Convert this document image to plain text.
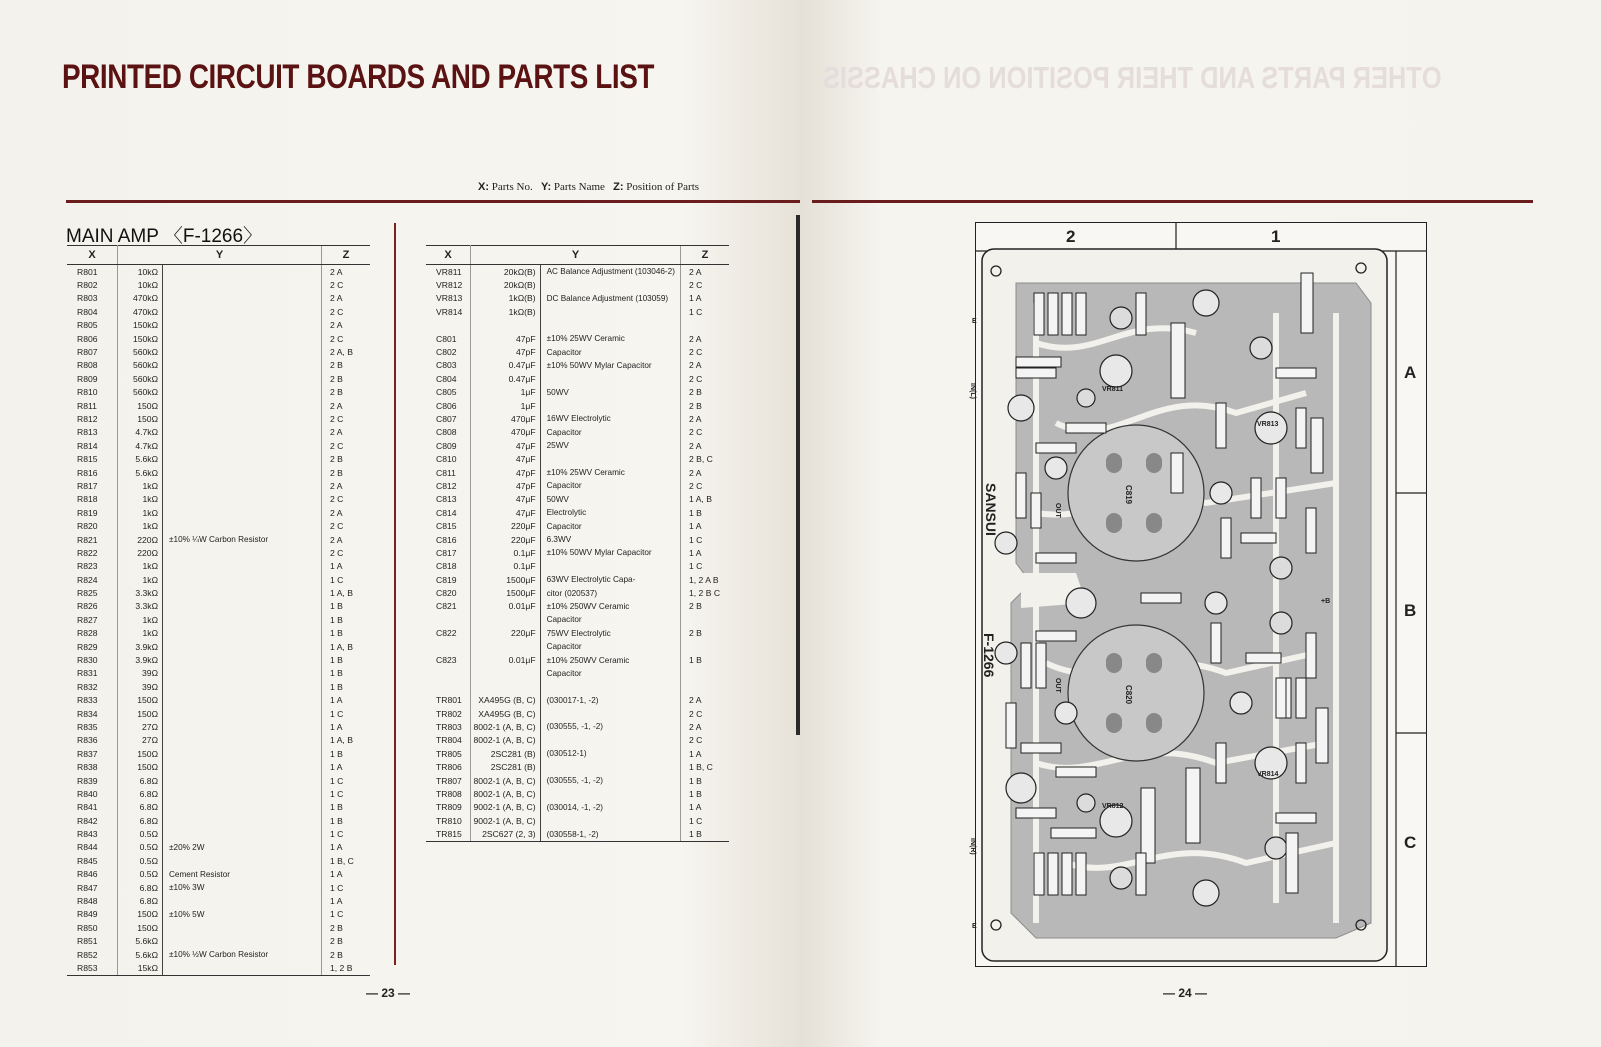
PRINTED CIRCUIT BOARDS AND PARTS LIST
X: Parts No. Y: Parts Name Z: Position of Parts
MAIN AMP 〈F-1266〉
X	Y		Z
R801	10kΩ		2 A
R802	10kΩ		2 C
R803	470kΩ		2 A
R804	470kΩ		2 C
R805	150kΩ		2 A
R806	150kΩ		2 C
R807	560kΩ		2 A, B
R808	560kΩ		2 B
R809	560kΩ		2 B
R810	560kΩ		2 B
R811	150Ω		2 A
R812	150Ω		2 C
R813	4.7kΩ		2 A
R814	4.7kΩ		2 C
R815	5.6kΩ		2 B
R816	5.6kΩ		2 B
R817	1kΩ		2 A
R818	1kΩ		2 C
R819	1kΩ		2 A
R820	1kΩ		2 C
R821	220Ω	±10% ¼W Carbon Resistor	2 A
R822	220Ω		2 C
R823	1kΩ		1 A
R824	1kΩ		1 C
R825	3.3kΩ		1 A, B
R826	3.3kΩ		1 B
R827	1kΩ		1 B
R828	1kΩ		1 B
R829	3.9kΩ		1 A, B
R830	3.9kΩ		1 B
R831	39Ω		1 B
R832	39Ω		1 B
R833	150Ω		1 A
R834	150Ω		1 C
R835	27Ω		1 A
R836	27Ω		1 A, B
R837	150Ω		1 B
R838	150Ω		1 A
R839	6.8Ω		1 C
R840	6.8Ω		1 C
R841	6.8Ω		1 B
R842	6.8Ω		1 B
R843	0.5Ω		1 C
R844	0.5Ω	±20% 2W	1 A
R845	0.5Ω		1 B, C
R846	0.5Ω	Cement Resistor	1 A
R847	6.8Ω	±10% 3W	1 C
R848	6.8Ω		1 A
R849	150Ω	±10% 5W	1 C
R850	150Ω		2 B
R851	5.6kΩ		2 B
R852	5.6kΩ	±10% ½W Carbon Resistor	2 B
R853	15kΩ		1, 2 B
X	Y		Z
VR811	20kΩ(B)	AC Balance Adjustment (103046-2)	2 A
VR812	20kΩ(B)		2 C
VR813	1kΩ(B)	DC Balance Adjustment (103059)	1 A
VR814	1kΩ(B)		1 C

C801	47pF	±10% 25WV Ceramic	2 A
C802	47pF	Capacitor	2 C
C803	0.47μF	±10% 50WV Mylar Capacitor	2 A
C804	0.47μF		2 C
C805	1μF	50WV	2 B
C806	1μF		2 B
C807	470μF	16WV Electrolytic	2 A
C808	470μF	Capacitor	2 C
C809	47μF	25WV	2 A
C810	47μF		2 B, C
C811	47pF	±10% 25WV Ceramic	2 A
C812	47pF	Capacitor	2 C
C813	47μF	50WV	1 A, B
C814	47μF	Electrolytic	1 B
C815	220μF	Capacitor	1 A
C816	220μF	6.3WV	1 C
C817	0.1μF	±10% 50WV Mylar Capacitor	1 A
C818	0.1μF		1 C
C819	1500μF	63WV Electrolytic Capa-	1, 2 A B
C820	1500μF	citor (020537)	1, 2 B C
C821	0.01μF	±10% 250WV Ceramic	2 B
		Capacitor	
C822	220μF	75WV Electrolytic	2 B
		Capacitor	
C823	0.01μF	±10% 250WV Ceramic	1 B
		Capacitor	

TR801	XA495G (B, C)	(030017-1, -2)	2 A
TR802	XA495G (B, C)		2 C
TR803	8002-1 (A, B, C)	(030555, -1, -2)	2 A
TR804	8002-1 (A, B, C)		2 C
TR805	2SC281 (B)	(030512-1)	1 A
TR806	2SC281 (B)		1 B, C
TR807	8002-1 (A, B, C)	(030555, -1, -2)	1 B
TR808	8002-1 (A, B, C)		1 B
TR809	9002-1 (A, B, C)	(030014, -1, -2)	1 A
TR810	9002-1 (A, B, C)		1 C
TR815	2SC627 (2, 3)	(030558-1, -2)	1 B
— 23 —
OTHER PARTS AND THEIR POSITION ON CHASSIS
— 24 —
SANSUI
F-1266
C819
C820
VR811
VR812
VR813
VR814
IN(L)
IN(R)
E
E
OUT
OUT
+B
2	1
A
B
C
